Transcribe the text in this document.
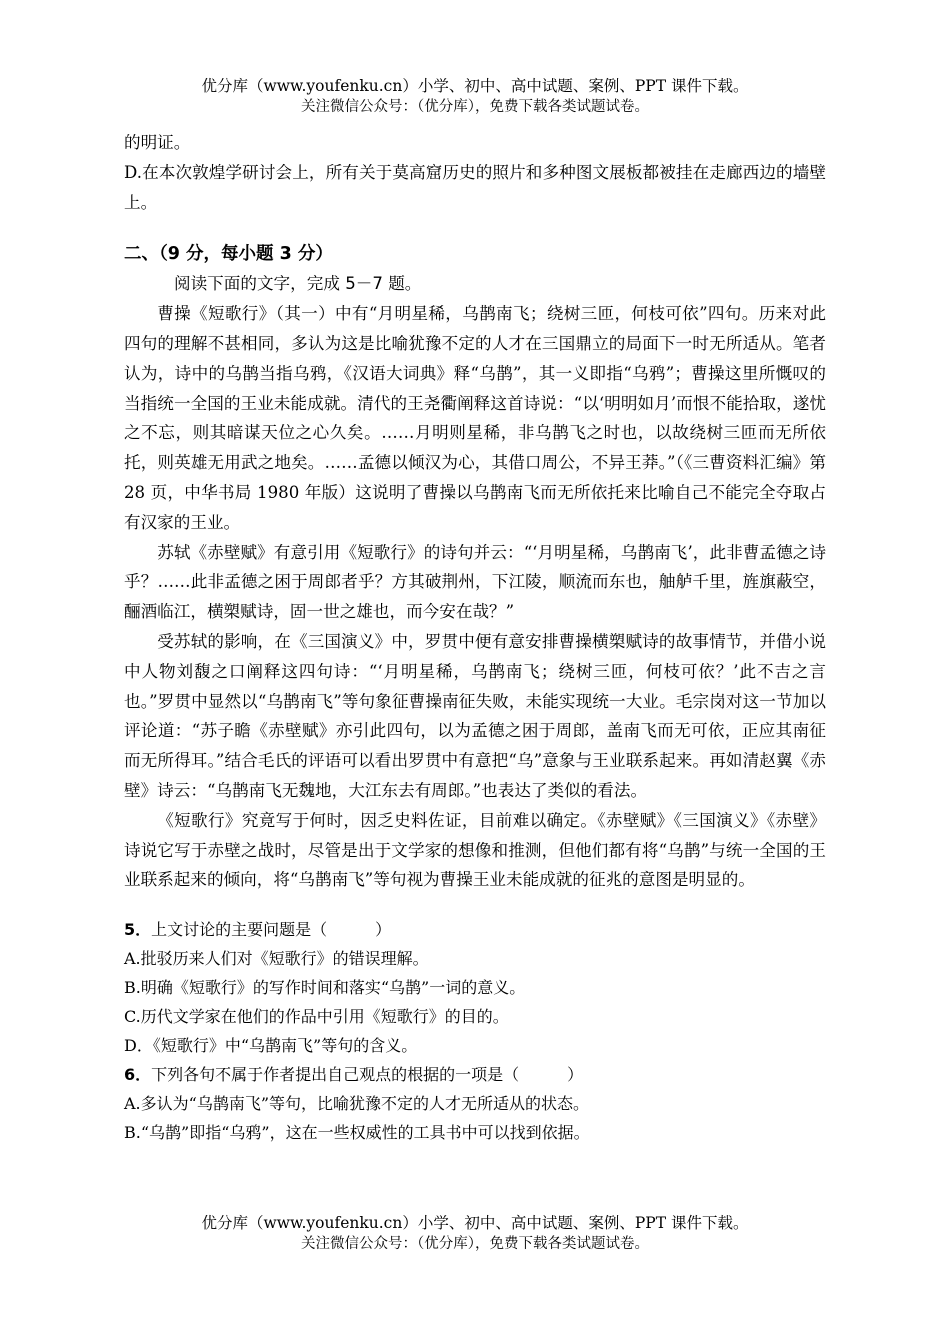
优分库（www.youfenku.cn）小学、初中、高中试题、案例、PPT 课件下载。
关注微信公众号：（优分库），免费下载各类试题试卷。

的明证。

D.在本次敦煌学研讨会上，所有关于莫高窟历史的照片和多种图文展板都被挂在走廊西边的墙壁上。

二、（9 分，每小题 3 分）

阅读下面的文字，完成 5－7 题。

曹操《短歌行》（其一）中有“月明星稀，乌鹊南飞；绕树三匝，何枝可依”四句。历来对此四句的理解不甚相同，多认为这是比喻犹豫不定的人才在三国鼎立的局面下一时无所适从。笔者认为，诗中的乌鹊当指乌鸦，《汉语大词典》释“乌鹊”，其一义即指“乌鸦”；曹操这里所慨叹的当指统一全国的王业未能成就。清代的王尧衢阐释这首诗说：“以‘明明如月’而恨不能拾取，遂忧之不忘，则其暗谋天位之心久矣。……月明则星稀，非乌鹊飞之时也，以故绕树三匝而无所依托，则英雄无用武之地矣。……孟德以倾汉为心，其借口周公，不异王莽。”（《三曹资料汇编》第 28 页，中华书局 1980 年版）这说明了曹操以乌鹊南飞而无所依托来比喻自己不能完全夺取占有汉家的王业。

苏轼《赤壁赋》有意引用《短歌行》的诗句并云：“‘月明星稀，乌鹊南飞’，此非曹孟德之诗乎？……此非孟德之困于周郎者乎？方其破荆州，下江陵，顺流而东也，舳舻千里，旌旗蔽空，酾酒临江，横槊赋诗，固一世之雄也，而今安在哉？”

受苏轼的影响，在《三国演义》中，罗贯中便有意安排曹操横槊赋诗的故事情节，并借小说中人物刘馥之口阐释这四句诗：“‘月明星稀，乌鹊南飞；绕树三匝，何枝可依？’此不吉之言也。”罗贯中显然以“乌鹊南飞”等句象征曹操南征失败，未能实现统一大业。毛宗岗对这一节加以评论道：“苏子瞻《赤壁赋》亦引此四句，以为孟德之困于周郎，盖南飞而无可依，正应其南征而无所得耳。”结合毛氏的评语可以看出罗贯中有意把“乌”意象与王业联系起来。再如清赵翼《赤壁》诗云：“乌鹊南飞无魏地，大江东去有周郎。”也表达了类似的看法。

《短歌行》究竟写于何时，因乏史料佐证，目前难以确定。《赤壁赋》《三国演义》《赤壁》诗说它写于赤壁之战时，尽管是出于文学家的想像和推测，但他们都有将“乌鹊”与统一全国的王业联系起来的倾向，将“乌鹊南飞”等句视为曹操王业未能成就的征兆的意图是明显的。

5．上文讨论的主要问题是（　　　）

A.批驳历来人们对《短歌行》的错误理解。

B.明确《短歌行》的写作时间和落实“乌鹊”一词的意义。

C.历代文学家在他们的作品中引用《短歌行》的目的。

D．《短歌行》中“乌鹊南飞”等句的含义。

6．下列各句不属于作者提出自己观点的根据的一项是（　　　）

A.多认为“乌鹊南飞”等句，比喻犹豫不定的人才无所适从的状态。

B.“乌鹊”即指“乌鸦”，这在一些权威性的工具书中可以找到依据。

优分库（www.youfenku.cn）小学、初中、高中试题、案例、PPT 课件下载。
关注微信公众号：（优分库），免费下载各类试题试卷。
